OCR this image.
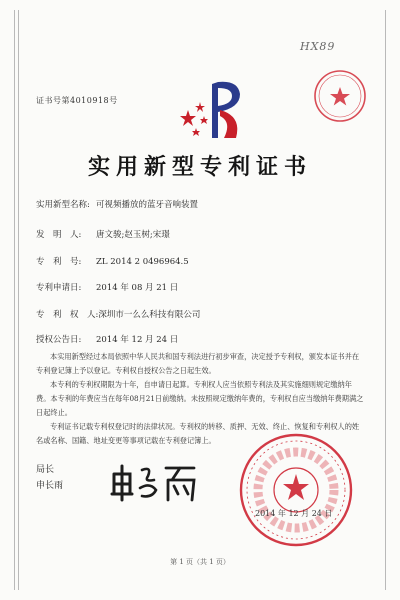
HX89
证书号第4010918号
实用新型专利证书
实用新型名称: 可视频播放的蓝牙音响装置
发　明　人: 唐文骏;赵玉树;宋璟
专　利　号: ZL 2014 2 0496964.5
专利申请日: 2014 年 08 月 21 日
专　利　权　人:深圳市一么么科技有限公司
授权公告日: 2014 年 12 月 24 日

本实用新型经过本局依照中华人民共和国专利法进行初步审查，决定授予专利权，颁发本证书并在专利登记簿上予以登记。专利权自授权公告之日起生效。

本专利的专利权期限为十年，自申请日起算。专利权人应当依照专利法及其实施细则规定缴纳年费。本专利的年费应当在每年08月21日前缴纳。未按照规定缴纳年费的，专利权自应当缴纳年费期满之日起终止。

专利证书记载专利权登记时的法律状况。专利权的转移、质押、无效、终止、恢复和专利权人的姓名或名称、国籍、地址变更等事项记载在专利登记簿上。

局长
申长雨
2014 年 12 月 24 日
第 1 页（共 1 页）
